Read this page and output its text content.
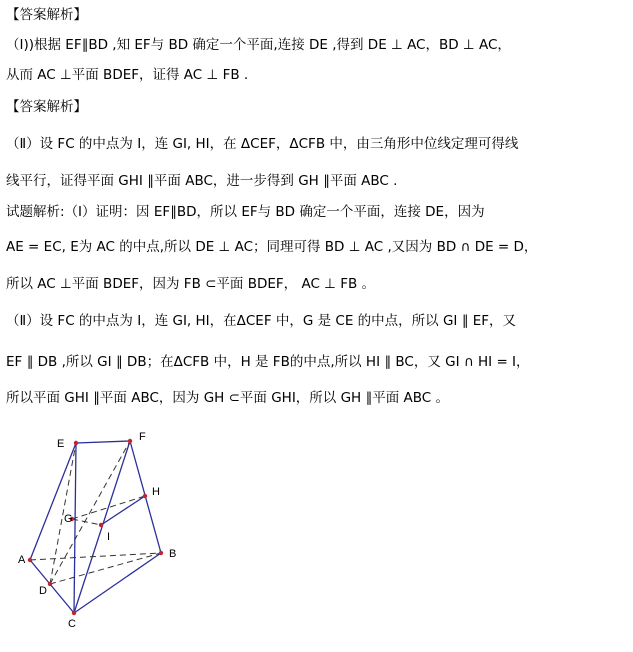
【答案解析】
（Ⅰ))根据 EF∥BD ,知 EF与 BD 确定一个平面,连接 DE ,得到 DE ⊥ AC，BD ⊥ AC，
从而 AC ⊥平面 BDEF，证得 AC ⊥ FB .
【答案解析】
（Ⅱ）设 FC 的中点为 I，连 GI, HI，在 ΔCEF，ΔCFB 中，由三角形中位线定理可得线
线平行，证得平面 GHI ∥平面 ABC，进一步得到 GH ∥平面 ABC .
试题解析:（Ⅰ）证明：因 EF∥BD，所以 EF与 BD 确定一个平面，连接 DE，因为
AE = EC, E为 AC 的中点,所以 DE ⊥ AC；同理可得 BD ⊥ AC ,又因为 BD ∩ DE = D，
所以 AC ⊥平面 BDEF，因为 FB ⊂平面 BDEF， AC ⊥ FB 。
（Ⅱ）设 FC 的中点为 I，连 GI, HI，在ΔCEF 中，G 是 CE 的中点，所以 GI ∥ EF，又
EF ∥ DB ,所以 GI ∥ DB；在ΔCFB 中，H 是 FB的中点,所以 HI ∥ BC，又 GI ∩ HI = I，
所以平面 GHI ∥平面 ABC，因为 GH ⊂平面 GHI，所以 GH ∥平面 ABC 。
E
F
H
G
I
A	B
D
C
